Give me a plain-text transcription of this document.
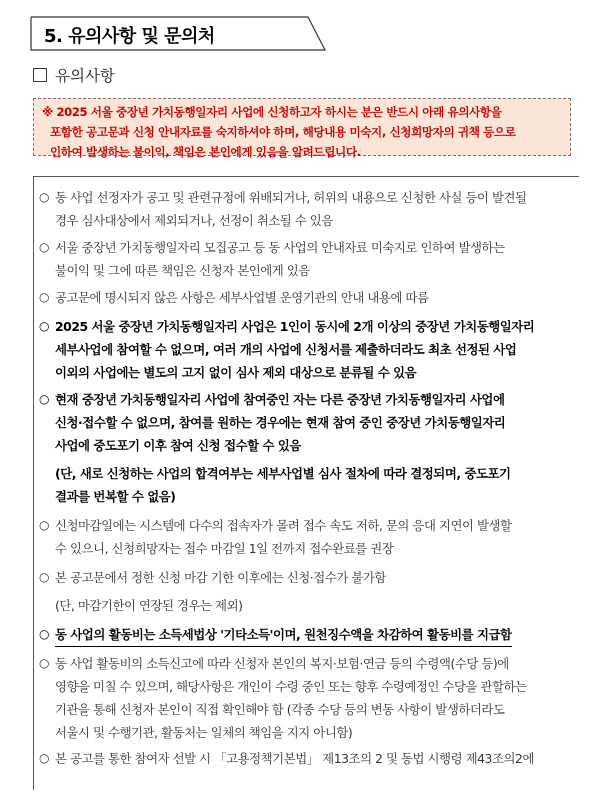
5. 유의사항 및 문의처
유의사항
※ 2025 서울 중장년 가치동행일자리 사업에 신청하고자 하시는 분은 반드시 아래 유의사항을
포함한 공고문과 신청 안내자료를 숙지하셔야 하며, 해당내용 미숙지, 신청희망자의 귀책 등으로
인하여 발생하는 불이익, 책임은 본인에게 있음을 알려드립니다.
○ 동 사업 선정자가 공고 및 관련규정에 위배되거나, 허위의 내용으로 신청한 사실 등이 발견될
경우 심사대상에서 제외되거나, 선정이 취소될 수 있음
○ 서울 중장년 가치동행일자리 모집공고 등 동 사업의 안내자료 미숙지로 인하여 발생하는
불이익 및 그에 따른 책임은 신청자 본인에게 있음
○ 공고문에 명시되지 않은 사항은 세부사업별 운영기관의 안내 내용에 따름
○ 2025 서울 중장년 가치동행일자리 사업은 1인이 동시에 2개 이상의 중장년 가치동행일자리
세부사업에 참여할 수 없으며, 여러 개의 사업에 신청서를 제출하더라도 최초 선정된 사업
이외의 사업에는 별도의 고지 없이 심사 제외 대상으로 분류될 수 있음
○ 현재 중장년 가치동행일자리 사업에 참여중인 자는 다른 중장년 가치동행일자리 사업에
신청·접수할 수 없으며, 참여를 원하는 경우에는 현재 참여 중인 중장년 가치동행일자리
사업에 중도포기 이후 참여 신청 접수할 수 있음
(단, 새로 신청하는 사업의 합격여부는 세부사업별 심사 절차에 따라 결정되며, 중도포기
결과를 번복할 수 없음)
○ 신청마감일에는 시스템에 다수의 접속자가 몰려 접수 속도 저하, 문의 응대 지연이 발생할
수 있으니, 신청희망자는 접수 마감일 1일 전까지 접수완료를 권장
○ 본 공고문에서 정한 신청 마감 기한 이후에는 신청·접수가 불가함
(단, 마감기한이 연장된 경우는 제외)
○ 동 사업의 활동비는 소득세법상 '기타소득'이며, 원천징수액을 차감하여 활동비를 지급함
○ 동 사업 활동비의 소득신고에 따라 신청자 본인의 복지·보험·연금 등의 수령액(수당 등)에
영향을 미칠 수 있으며, 해당사항은 개인이 수령 중인 또는 향후 수령예정인 수당을 관할하는
기관을 통해 신청자 본인이 직접 확인해야 함 (각종 수당 등의 변동 사항이 발생하더라도
서울시 및 수행기관, 활동처는 일체의 책임을 지지 아니함)
○ 본 공고를 통한 참여자 선발 시 「고용정책기본법」 제13조의 2 및 동법 시행령 제43조의2에
